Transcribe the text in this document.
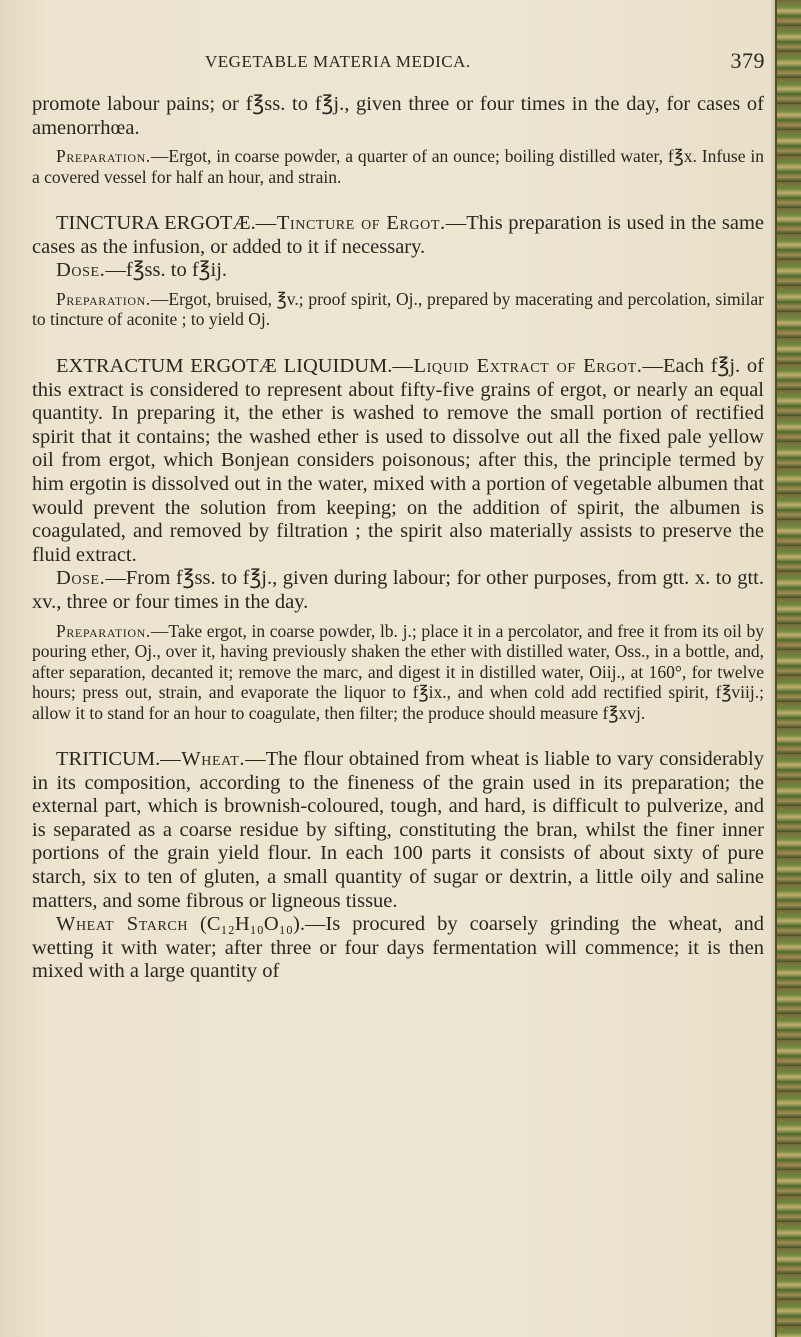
VEGETABLE MATERIA MEDICA.	379

promote labour pains; or f℥ss. to f℥j., given three or four times in the day, for cases of amenorrhœa.

Preparation.—Ergot, in coarse powder, a quarter of an ounce; boiling distilled water, f℥x. Infuse in a covered vessel for half an hour, and strain.

TINCTURA ERGOTÆ.—Tincture of Ergot.—This preparation is used in the same cases as the infusion, or added to it if necessary.

Dose.—f℥ss. to f℥ij.

Preparation.—Ergot, bruised, ℥v.; proof spirit, Oj., prepared by macerating and percolation, similar to tincture of aconite ; to yield Oj.

EXTRACTUM ERGOTÆ LIQUIDUM.—Liquid Extract of Ergot.—Each f℥j. of this extract is considered to represent about fifty-five grains of ergot, or nearly an equal quantity. In preparing it, the ether is washed to remove the small portion of rectified spirit that it contains; the washed ether is used to dissolve out all the fixed pale yellow oil from ergot, which Bonjean considers poisonous; after this, the principle termed by him ergotin is dissolved out in the water, mixed with a portion of vegetable albumen that would prevent the solution from keeping; on the addition of spirit, the albumen is coagulated, and removed by filtration ; the spirit also materially assists to preserve the fluid extract.

Dose.—From f℥ss. to f℥j., given during labour; for other purposes, from gtt. x. to gtt. xv., three or four times in the day.

Preparation.—Take ergot, in coarse powder, lb. j.; place it in a percolator, and free it from its oil by pouring ether, Oj., over it, having previously shaken the ether with distilled water, Oss., in a bottle, and, after separation, decanted it; remove the marc, and digest it in distilled water, Oiij., at 160°, for twelve hours; press out, strain, and evaporate the liquor to f℥ix., and when cold add rectified spirit, f℥viij.; allow it to stand for an hour to coagulate, then filter; the produce should measure f℥xvj.

TRITICUM.—Wheat.—The flour obtained from wheat is liable to vary considerably in its composition, according to the fineness of the grain used in its preparation; the external part, which is brownish-coloured, tough, and hard, is difficult to pulverize, and is separated as a coarse residue by sifting, constituting the bran, whilst the finer inner portions of the grain yield flour. In each 100 parts it consists of about sixty of pure starch, six to ten of gluten, a small quantity of sugar or dextrin, a little oily and saline matters, and some fibrous or ligneous tissue.

Wheat Starch (C₁₂H₁₀O₁₀).—Is procured by coarsely grinding the wheat, and wetting it with water; after three or four days fermentation will commence; it is then mixed with a large quantity of
